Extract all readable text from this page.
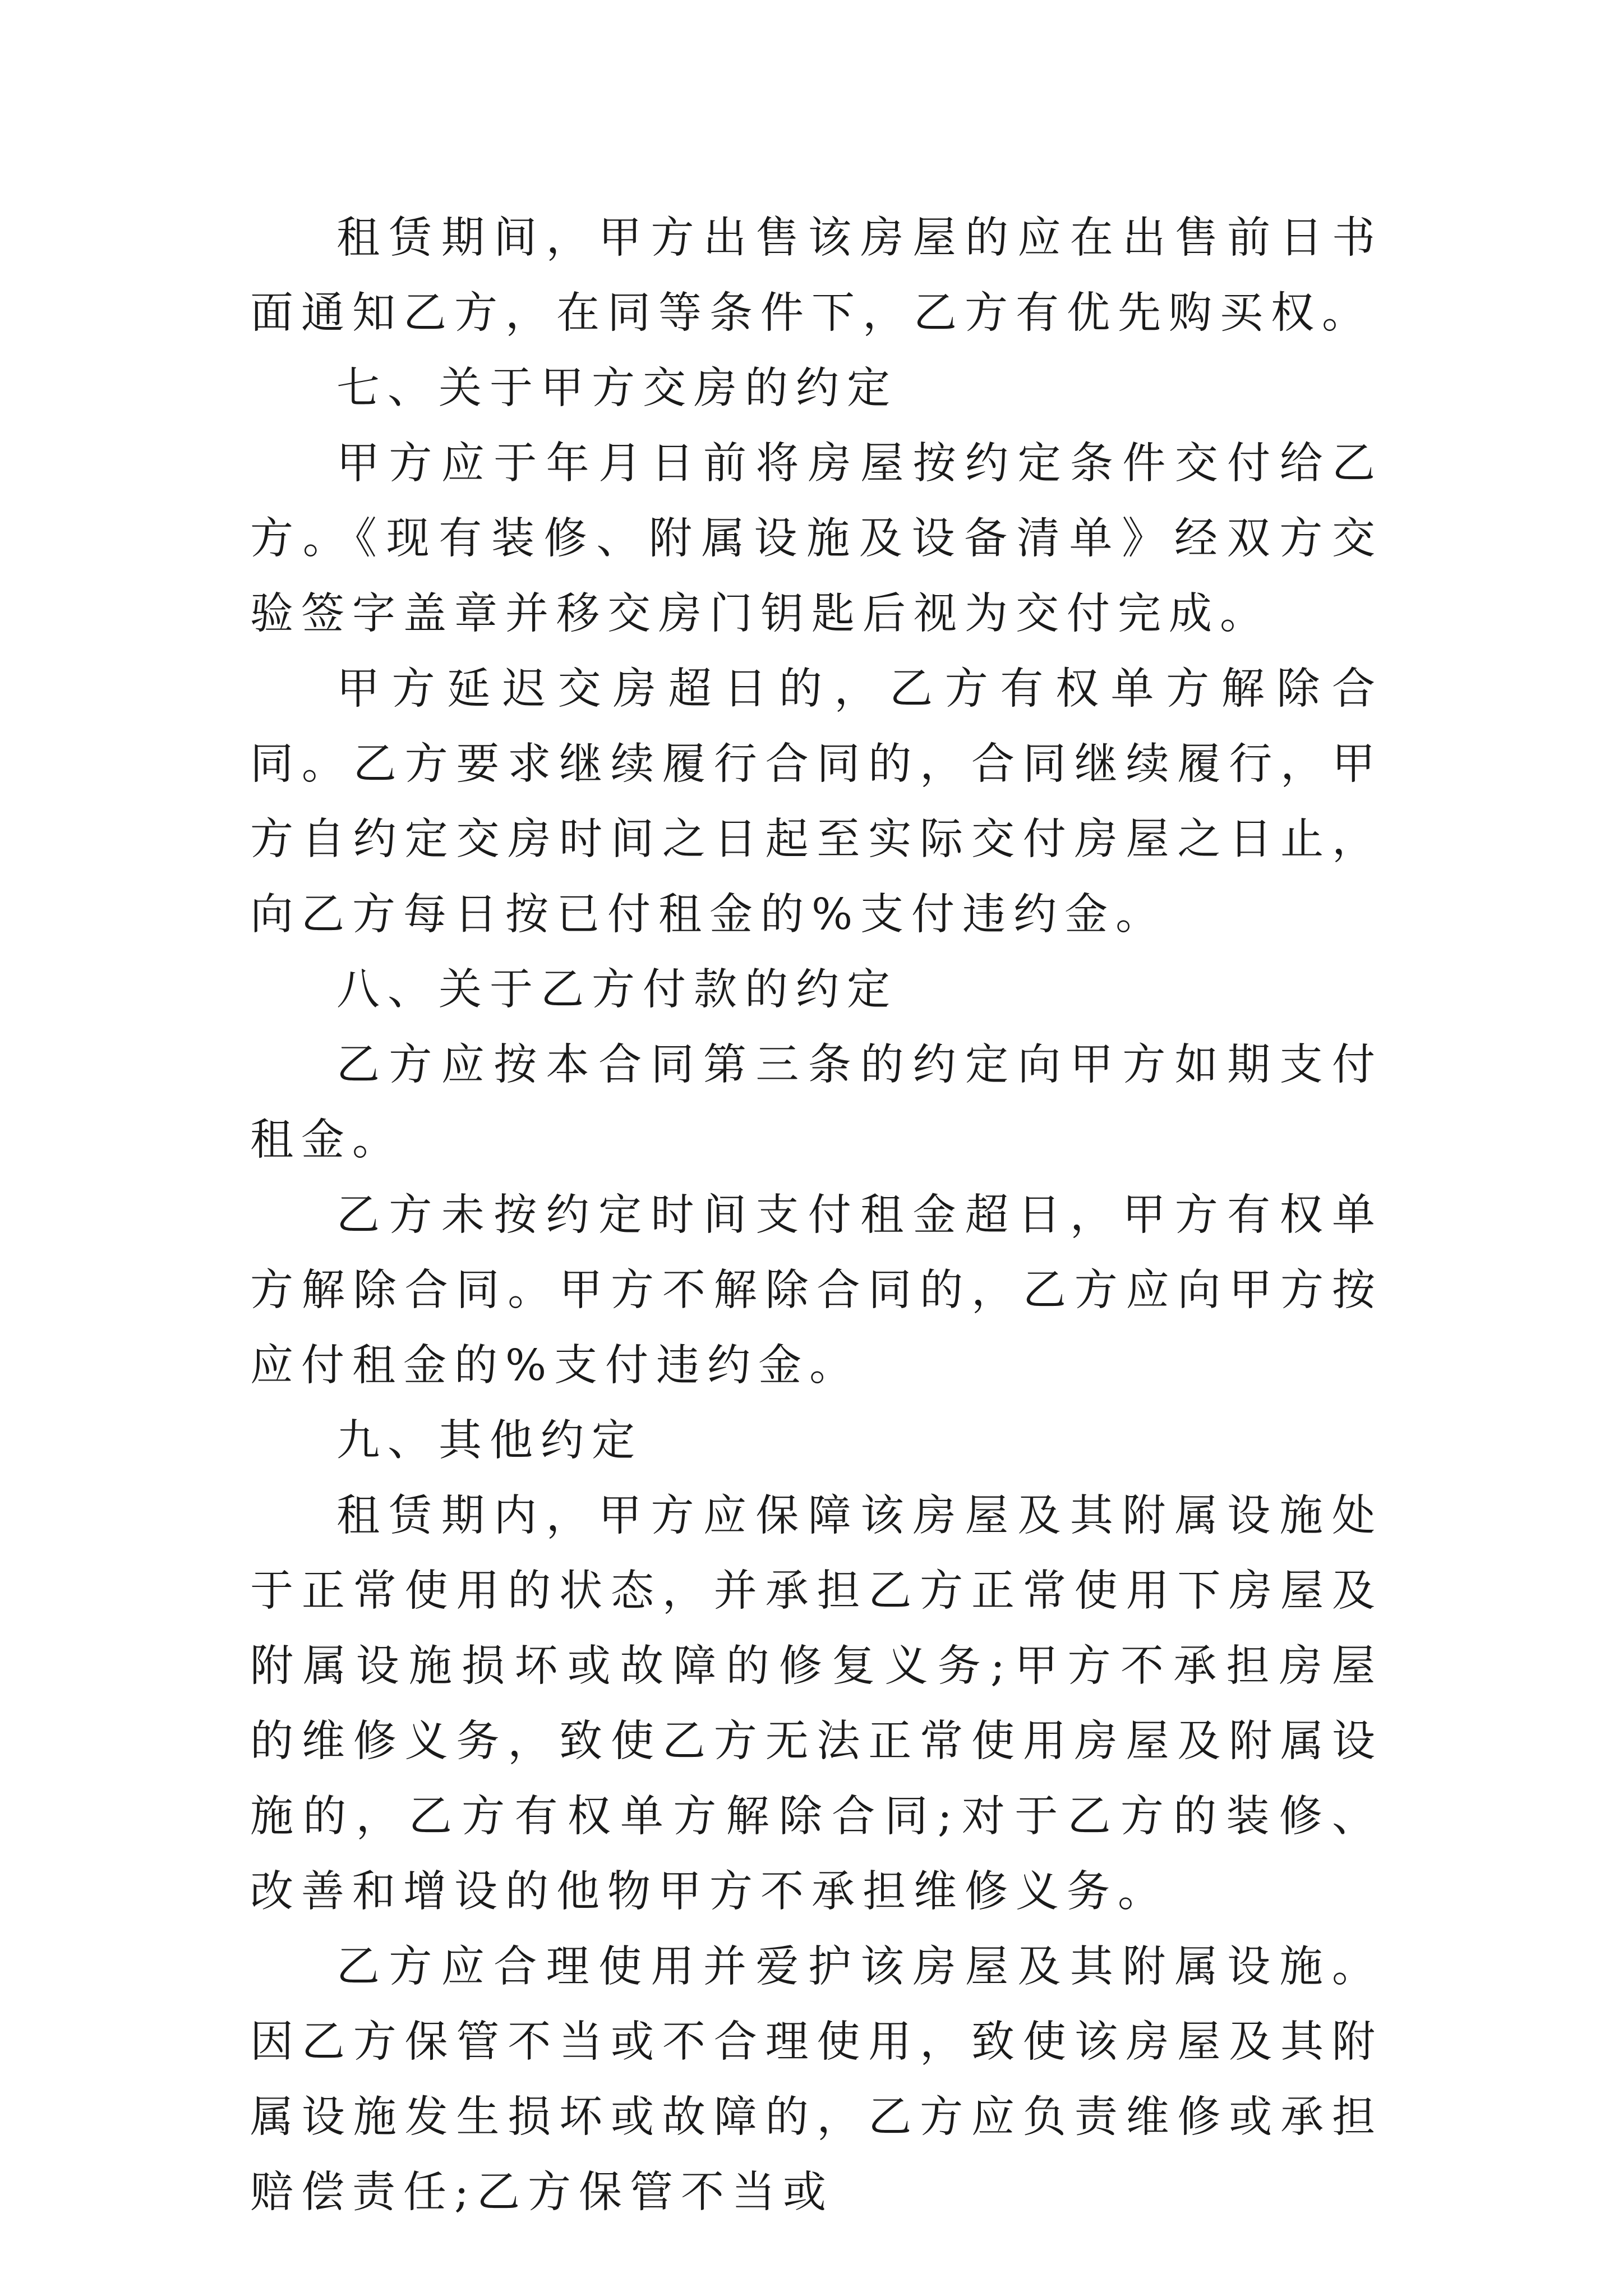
租赁期间，甲方出售该房屋的应在出售前日书面通知乙方，在同等条件下，乙方有优先购买权。

七、关于甲方交房的约定

甲方应于年月日前将房屋按约定条件交付给乙方。《现有装修、附属设施及设备清单》经双方交验签字盖章并移交房门钥匙后视为交付完成。

甲方延迟交房超日的，乙方有权单方解除合同。乙方要求继续履行合同的，合同继续履行，甲方自约定交房时间之日起至实际交付房屋之日止，向乙方每日按已付租金的%支付违约金。

八、关于乙方付款的约定

乙方应按本合同第三条的约定向甲方如期支付租金。

乙方未按约定时间支付租金超日，甲方有权单方解除合同。甲方不解除合同的，乙方应向甲方按应付租金的%支付违约金。

九、其他约定

租赁期内，甲方应保障该房屋及其附属设施处于正常使用的状态，并承担乙方正常使用下房屋及附属设施损坏或故障的修复义务;甲方不承担房屋的维修义务，致使乙方无法正常使用房屋及附属设施的，乙方有权单方解除合同;对于乙方的装修、改善和增设的他物甲方不承担维修义务。

乙方应合理使用并爱护该房屋及其附属设施。因乙方保管不当或不合理使用，致使该房屋及其附属设施发生损坏或故障的，乙方应负责维修或承担赔偿责任;乙方保管不当或
